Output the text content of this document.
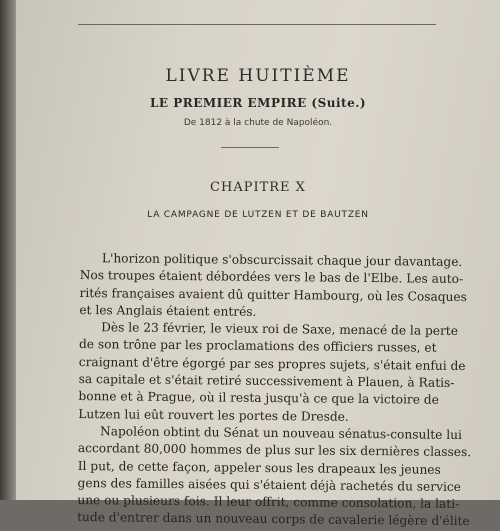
LIVRE HUITIÈME
LE PREMIER EMPIRE (Suite.)
De 1812 à la chute de Napoléon.
CHAPITRE X
LA CAMPAGNE DE LUTZEN ET DE BAUTZEN
L'horizon politique s'obscurcissait chaque jour davantage.
Nos troupes étaient débordées vers le bas de l'Elbe. Les auto-
rités françaises avaient dû quitter Hambourg, où les Cosaques
et les Anglais étaient entrés.
Dès le 23 février, le vieux roi de Saxe, menacé de la perte
de son trône par les proclamations des officiers russes, et
craignant d'être égorgé par ses propres sujets, s'était enfui de
sa capitale et s'était retiré successivement à Plauen, à Ratis-
bonne et à Prague, où il resta jusqu'à ce que la victoire de
Lutzen lui eût rouvert les portes de Dresde.
Napoléon obtint du Sénat un nouveau sénatus-consulte lui
accordant 80,000 hommes de plus sur les six dernières classes.
Il put, de cette façon, appeler sous les drapeaux les jeunes
gens des familles aisées qui s'étaient déjà rachetés du service
une ou plusieurs fois. Il leur offrit, comme consolation, la lati-
tude d'entrer dans un nouveau corps de cavalerie légère d'élite
